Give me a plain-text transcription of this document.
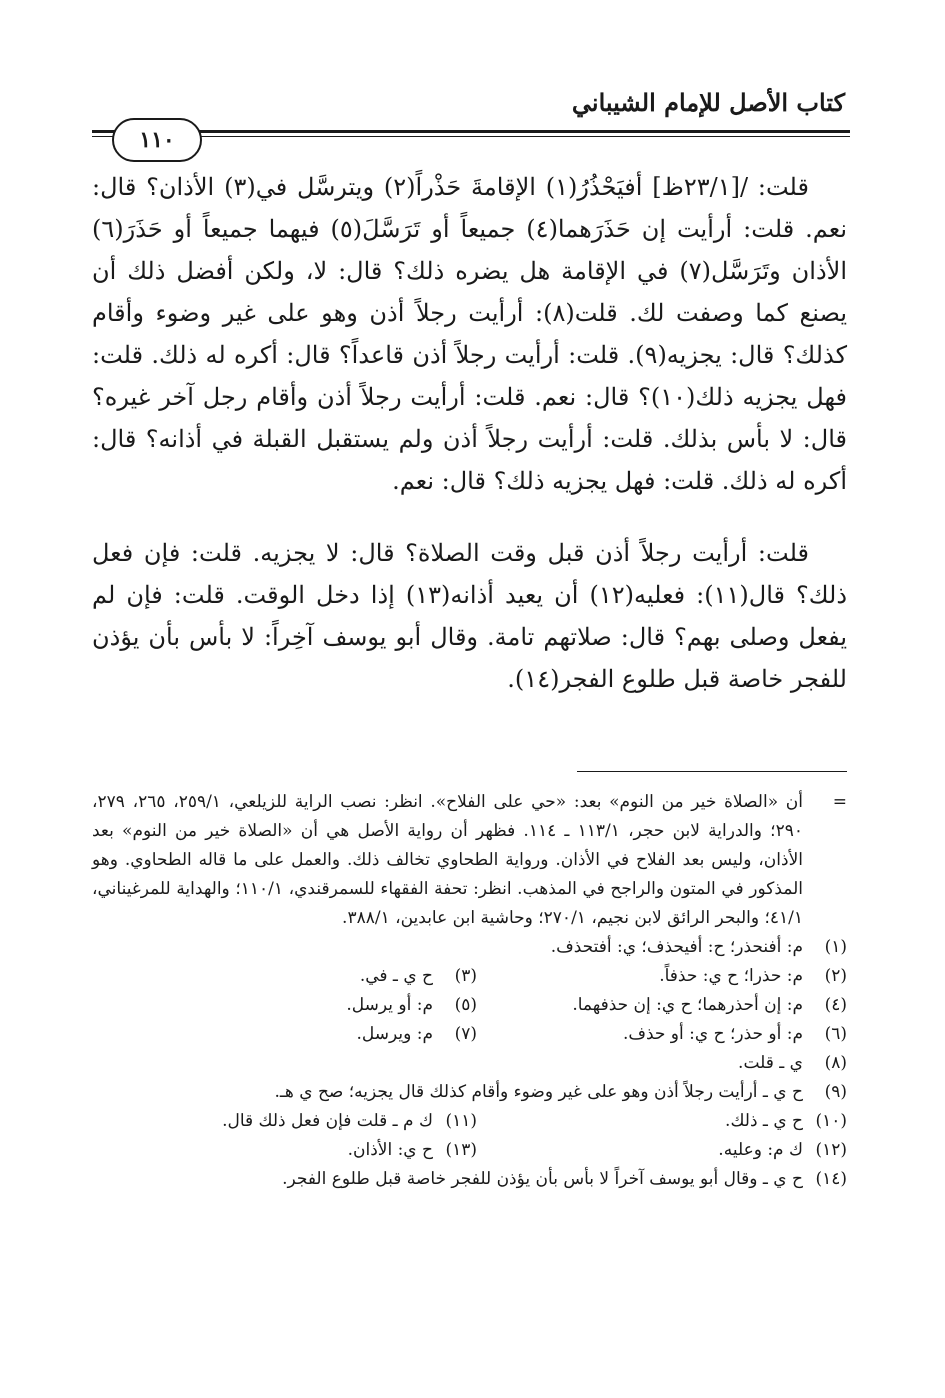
كتاب الأصل للإمام الشيباني
١١٠

قلت: /[٢٣/١ظ] أفيَحْذُرُ(١) الإقامةَ حَذْراً(٢) ويترسَّل في(٣) الأذان؟ قال: نعم. قلت: أرأيت إن حَذَرَهما(٤) جميعاً أو تَرَسَّلَ(٥) فيهما جميعاً أو حَذَرَ(٦) الأذان وتَرَسَّل(٧) في الإقامة هل يضره ذلك؟ قال: لا، ولكن أفضل ذلك أن يصنع كما وصفت لك. قلت(٨): أرأيت رجلاً أذن وهو على غير وضوء وأقام كذلك؟ قال: يجزيه(٩). قلت: أرأيت رجلاً أذن قاعداً؟ قال: أكره له ذلك. قلت: فهل يجزيه ذلك(١٠)؟ قال: نعم. قلت: أرأيت رجلاً أذن وأقام رجل آخر غيره؟ قال: لا بأس بذلك. قلت: أرأيت رجلاً أذن ولم يستقبل القبلة في أذانه؟ قال: أكره له ذلك. قلت: فهل يجزيه ذلك؟ قال: نعم.

قلت: أرأيت رجلاً أذن قبل وقت الصلاة؟ قال: لا يجزيه. قلت: فإن فعل ذلك؟ قال(١١): فعليه(١٢) أن يعيد أذانه(١٣) إذا دخل الوقت. قلت: فإن لم يفعل وصلى بهم؟ قال: صلاتهم تامة. وقال أبو يوسف آخِراً: لا بأس بأن يؤذن للفجر خاصة قبل طلوع الفجر(١٤).

=
أن «الصلاة خير من النوم» بعد: «حي على الفلاح». انظر: نصب الراية للزيلعي، ٢٥٩/١، ٢٦٥، ٢٧٩، ٢٩٠؛ والدراية لابن حجر، ١١٣/١ ـ ١١٤. فظهر أن رواية الأصل هي أن «الصلاة خير من النوم» بعد الأذان، وليس بعد الفلاح في الأذان. ورواية الطحاوي تخالف ذلك. والعمل على ما قاله الطحاوي. وهو المذكور في المتون والراجح في المذهب. انظر: تحفة الفقهاء للسمرقندي، ١١٠/١؛ والهداية للمرغيناني، ٤١/١؛ والبحر الرائق لابن نجيم، ٢٧٠/١؛ وحاشية ابن عابدين، ٣٨٨/١.
(١)
م: أفنحذر؛ ح: أفيحذف؛ ي: أفتحذف.
(٢)
م: حذرا؛ ح ي: حذفاً.
(٣)
ح ي ـ في.
(٤)
م: إن أحذرهما؛ ح ي: إن حذفهما.
(٥)
م: أو يرسل.
(٦)
م: أو حذر؛ ح ي: أو حذف.
(٧)
م: ويرسل.
(٨)
ي ـ قلت.
(٩)
ح ي ـ أرأيت رجلاً أذن وهو على غير وضوء وأقام كذلك قال يجزيه؛ صح ي هـ.
(١٠)
ح ي ـ ذلك.
(١١)
ك م ـ قلت فإن فعل ذلك قال.
(١٢)
ك م: وعليه.
(١٣)
ح ي: الأذان.
(١٤)
ح ي ـ وقال أبو يوسف آخراً لا بأس بأن يؤذن للفجر خاصة قبل طلوع الفجر.
